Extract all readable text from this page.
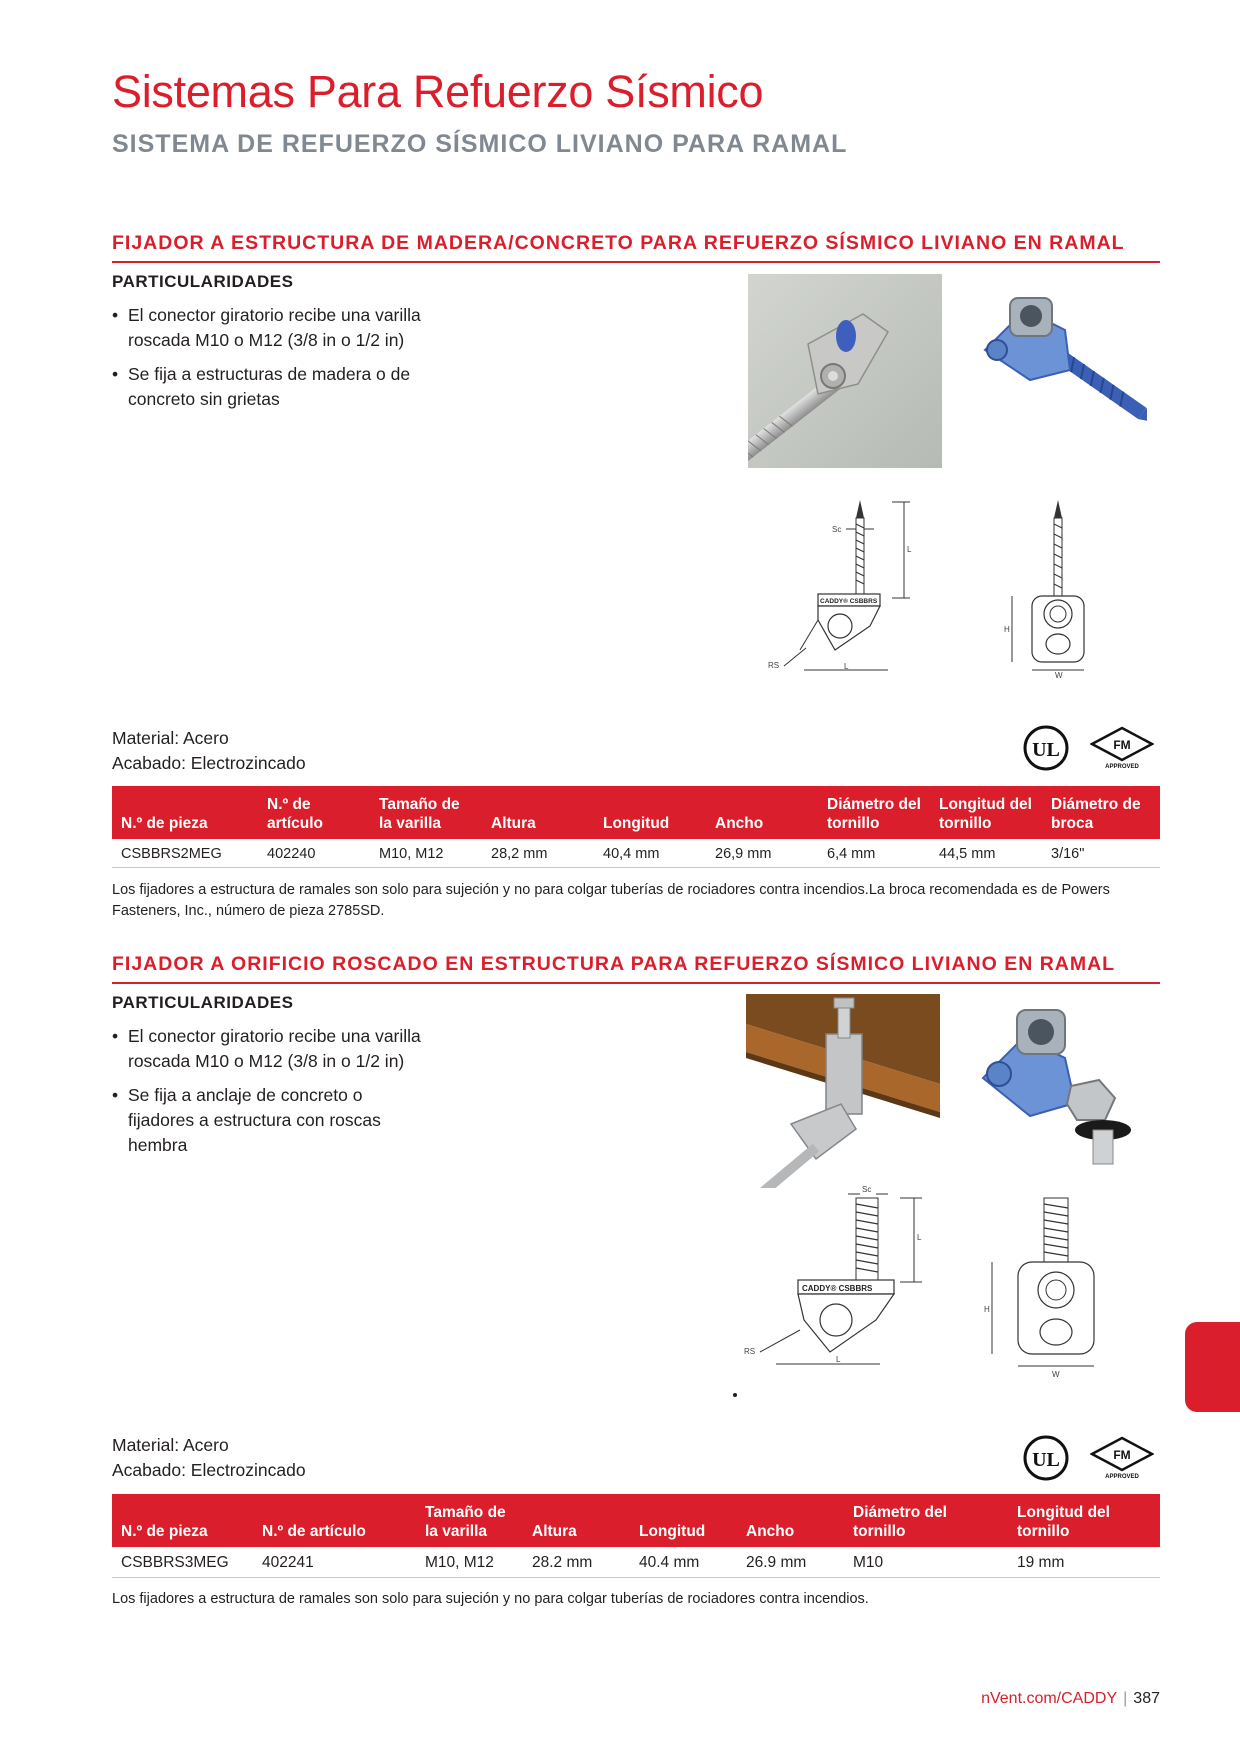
Sistemas Para Refuerzo Sísmico
SISTEMA DE REFUERZO SÍSMICO LIVIANO PARA RAMAL
FIJADOR A ESTRUCTURA DE MADERA/CONCRETO PARA REFUERZO SÍSMICO LIVIANO EN RAMAL
PARTICULARIDADES
• El conector giratorio recibe una varilla roscada M10 o M12 (3/8 in o 1/2 in)
• Se fija a estructuras de madera o de concreto sin grietas
Sc
L
CADDY® CSBBRS
RS	L
H
W
Material: Acero
Acabado: Electrozincado
UL	FM
APPROVED
N.º de pieza	N.º de artículo	Tamaño de la varilla	Altura	Longitud	Ancho	Diámetro del tornillo	Longitud del tornillo	Diámetro de broca
CSBBRS2MEG	402240	M10, M12	28,2 mm	40,4 mm	26,9 mm	6,4 mm	44,5 mm	3/16"
Los fijadores a estructura de ramales son solo para sujeción y no para colgar tuberías de rociadores contra incendios.La broca recomendada es de Powers Fasteners, Inc., número de pieza 2785SD.
FIJADOR A ORIFICIO ROSCADO EN ESTRUCTURA PARA REFUERZO SÍSMICO LIVIANO EN RAMAL
PARTICULARIDADES
• El conector giratorio recibe una varilla roscada M10 o M12 (3/8 in o 1/2 in)
• Se fija a anclaje de concreto o fijadores a estructura con roscas hembra
Sc
L
CADDY® CSBBRS
RS
L
H
W
Material: Acero
Acabado: Electrozincado	UL	FM
APPROVED
N.º de pieza	N.º de artículo	Tamaño de la varilla	Altura	Longitud	Ancho	Diámetro del tornillo	Longitud del tornillo
CSBBRS3MEG	402241	M10, M12	28.2 mm	40.4 mm	26.9 mm	M10	19 mm
Los fijadores a estructura de ramales son solo para sujeción y no para colgar tuberías de rociadores contra incendios.
nVent.com/CADDY | 387
